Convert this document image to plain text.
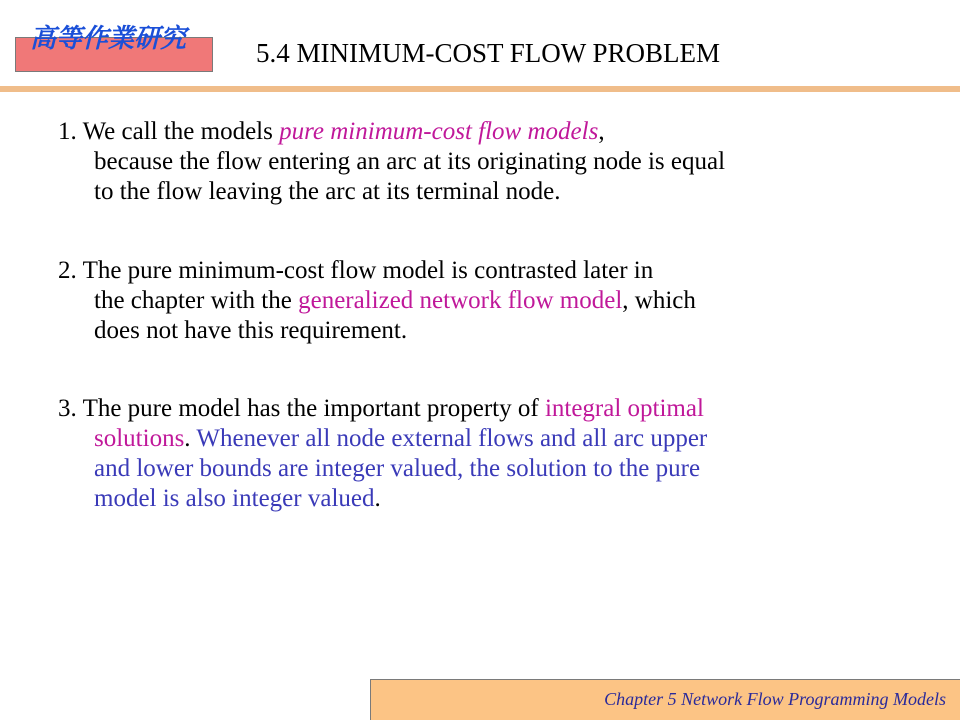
高等作業研究	5.4 MINIMUM-COST FLOW PROBLEM
1. We call the models pure minimum-cost flow models,
because the flow entering an arc at its originating node is equal
to the flow leaving the arc at its terminal node.
2. The pure minimum-cost flow model is contrasted later in
the chapter with the generalized network flow model, which
does not have this requirement.
3. The pure model has the important property of integral optimal
solutions. Whenever all node external flows and all arc upper
and lower bounds are integer valued, the solution to the pure
model is also integer valued.
Chapter 5 Network Flow Programming Models
